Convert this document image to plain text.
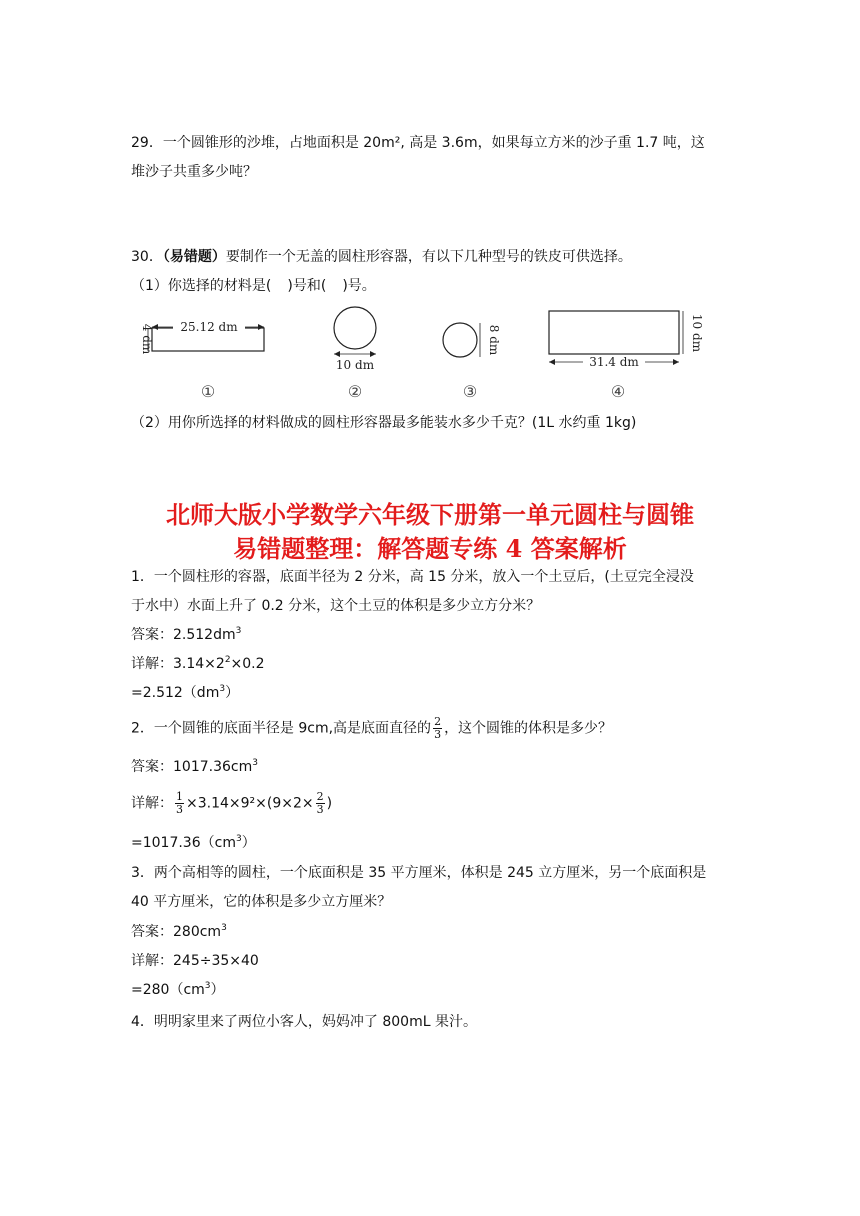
29．一个圆锥形的沙堆，占地面积是 20m², 高是 3.6m，如果每立方米的沙子重 1.7 吨，这
堆沙子共重多少吨？
30．（易错题）要制作一个无盖的圆柱形容器，有以下几种型号的铁皮可供选择。
（1）你选择的材料是( )号和( )号。
25.12 dm
4 dm
①
10 dm
②
8 dm
③
31.4 dm
10 dm
④
（2）用你所选择的材料做成的圆柱形容器最多能装水多少千克？(1L 水约重 1kg)
北师大版小学数学六年级下册第一单元圆柱与圆锥
易错题整理：解答题专练 4 答案解析
1．一个圆柱形的容器，底面半径为 2 分米，高 15 分米，放入一个土豆后，(土豆完全浸没
于水中）水面上升了 0.2 分米，这个土豆的体积是多少立方分米？
答案：$2.512dm^3$
详解：$3.14\times 2^2\times 0.2$
$=2.512(dm^3)$
2．一个圆锥的底面半径是 9cm,高是底面直径的 $\frac{2}{3}$ ，这个圆锥的体积是多少？
答案：$1017.36cm^3$
详解： $\frac{1}{3} \times 3.14\times 9^2\times(9\times 2\times \frac{2}{3}$ )
$=1017.36(cm^3)$
3．两个高相等的圆柱，一个底面积是 35 平方厘米，体积是 245 立方厘米，另一个底面积是
40 平方厘米，它的体积是多少立方厘米？
答案：$280cm^3$
详解：245÷35×40
$=280(cm^3)$
4．明明家里来了两位小客人，妈妈冲了 800mL 果汁。
